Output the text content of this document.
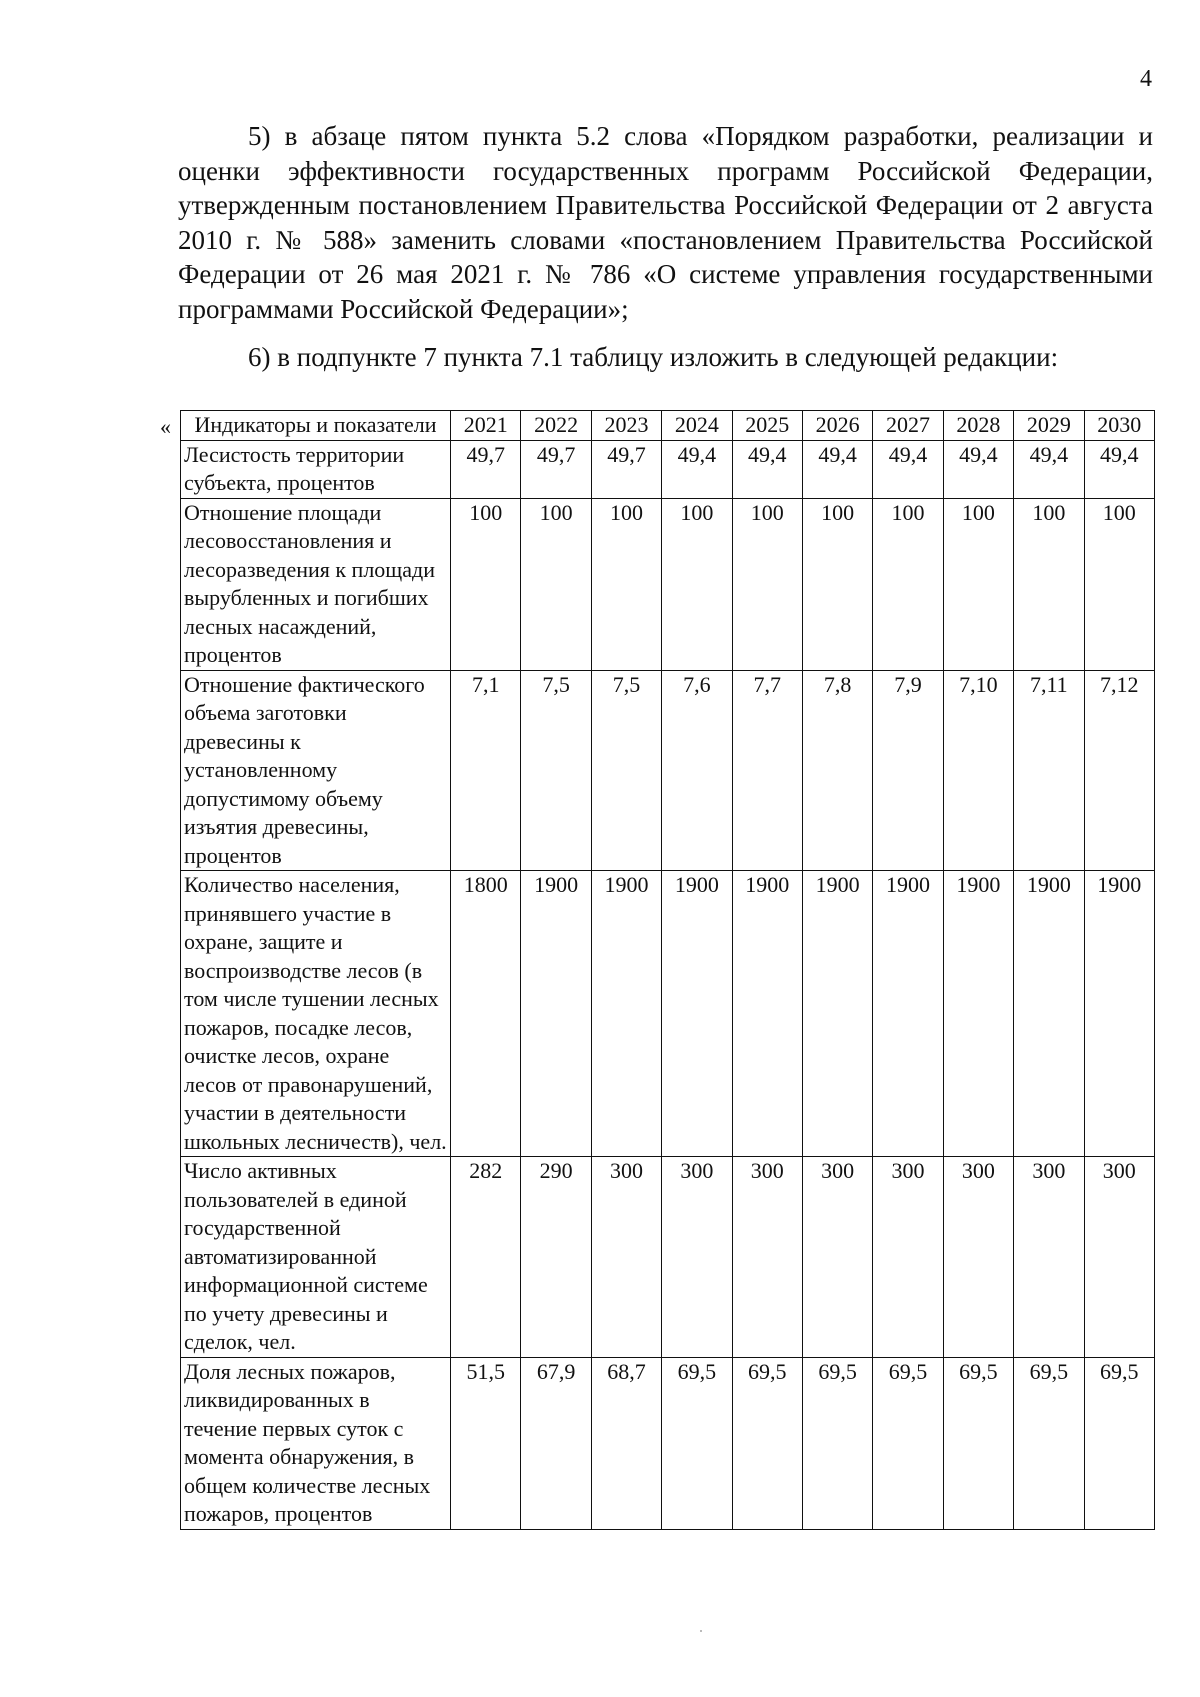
4

5) в абзаце пятом пункта 5.2 слова «Порядком разработки, реализации и оценки эффективности государственных программ Российской Федерации, утвержденным постановлением Правительства Российской Федерации от 2 августа 2010 г. № 588» заменить словами «постановлением Правительства Российской Федерации от 26 мая 2021 г. № 786 «О системе управления государственными программами Российской Федерации»;

6) в подпункте 7 пункта 7.1 таблицу изложить в следующей редакции:

« Индикаторы и показатели	2021	2022	2023	2024	2025	2026	2027	2028	2029	2030
Лесистость территории субъекта, процентов	49,7	49,7	49,7	49,4	49,4	49,4	49,4	49,4	49,4	49,4
Отношение площади лесовосстановления и лесоразведения к площади вырубленных и погибших лесных насаждений, процентов	100	100	100	100	100	100	100	100	100	100
Отношение фактического объема заготовки древесины к установленному допустимому объему изъятия древесины, процентов	7,1	7,5	7,5	7,6	7,7	7,8	7,9	7,10	7,11	7,12
Количество населения, принявшего участие в охране, защите и воспроизводстве лесов (в том числе тушении лесных пожаров, посадке лесов, очистке лесов, охране лесов от правонарушений, участии в деятельности школьных лесничеств), чел.	1800	1900	1900	1900	1900	1900	1900	1900	1900	1900
Число активных пользователей в единой государственной автоматизированной информационной системе по учету древесины и сделок, чел.	282	290	300	300	300	300	300	300	300	300
Доля лесных пожаров, ликвидированных в течение первых суток с момента обнаружения, в общем количестве лесных пожаров, процентов	51,5	67,9	68,7	69,5	69,5	69,5	69,5	69,5	69,5	69,5
